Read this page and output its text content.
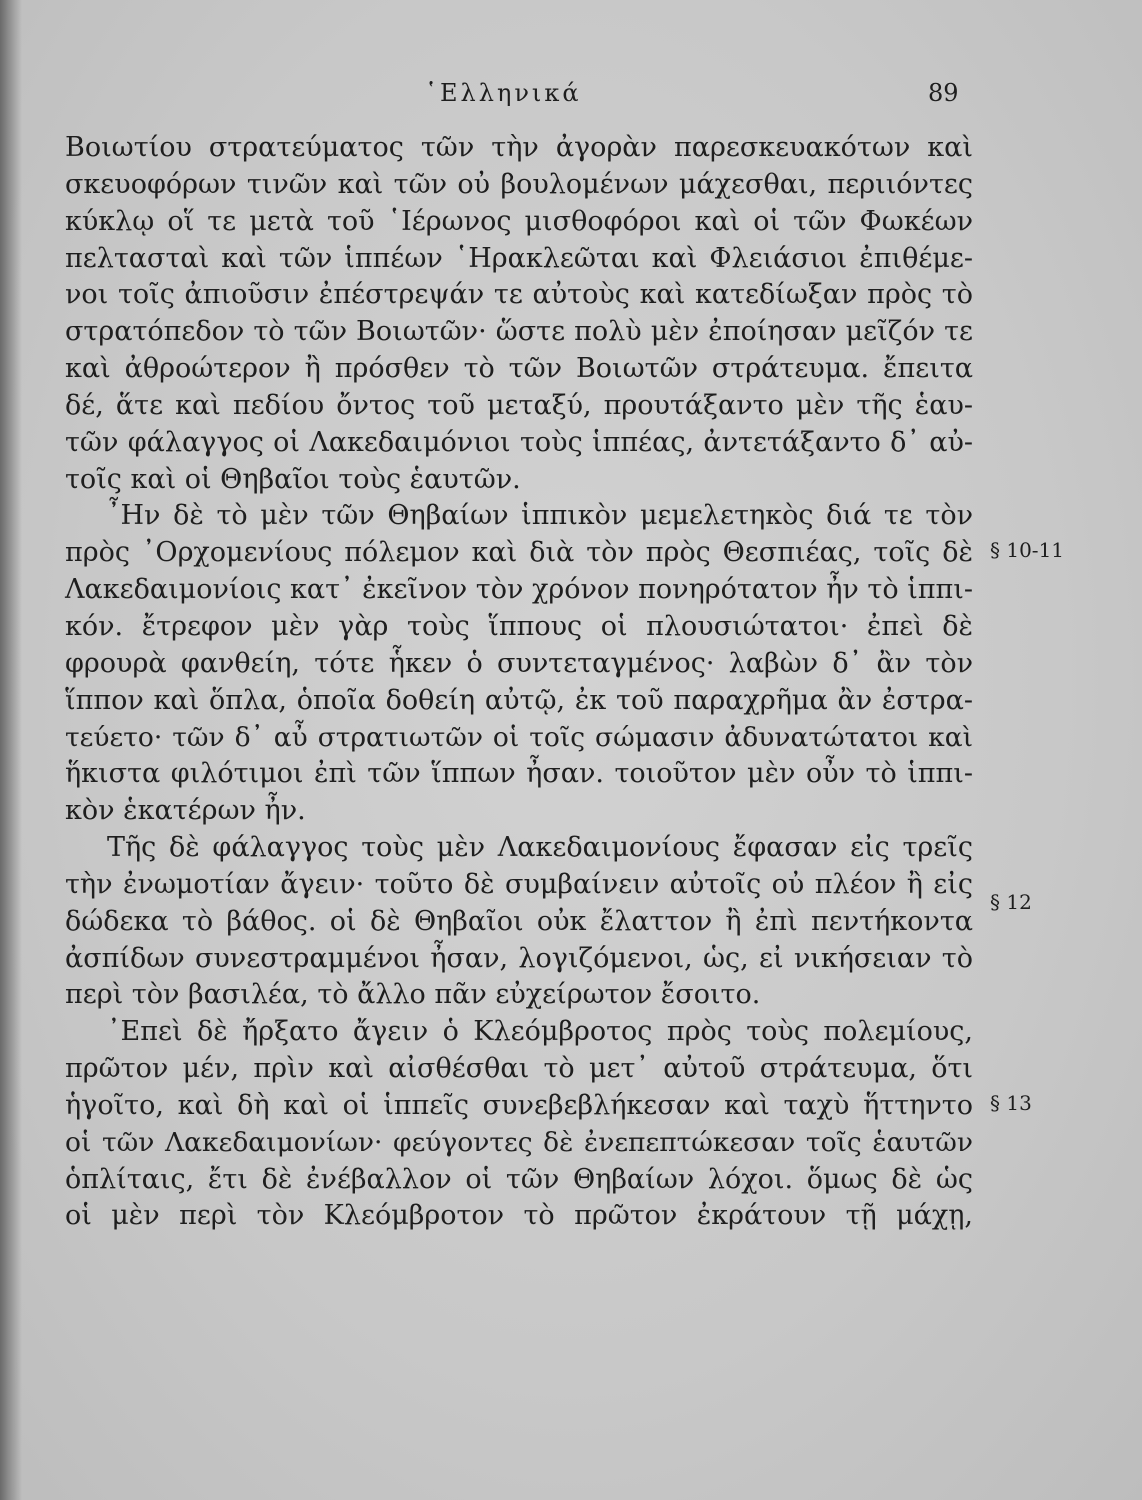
῾Ελληνικά	89
Βοιωτίου στρατεύματος τῶν τὴν ἀγορὰν παρεσκευακότων καὶ
σκευοφόρων τινῶν καὶ τῶν οὐ βουλομένων μάχεσθαι, περιιόντες
κύκλῳ οἵ τε μετὰ τοῦ ῾Ιέρωνος μισθοφόροι καὶ οἱ τῶν Φωκέων
πελτασταὶ καὶ τῶν ἱππέων ῾Ηρακλεῶται καὶ Φλειάσιοι ἐπιθέμε-
νοι τοῖς ἀπιοῦσιν ἐπέστρεψάν τε αὐτοὺς καὶ κατεδίωξαν πρὸς τὸ
στρατόπεδον τὸ τῶν Βοιωτῶν· ὥστε πολὺ μὲν ἐποίησαν μεῖζόν τε
καὶ ἀθροώτερον ἢ πρόσθεν τὸ τῶν Βοιωτῶν στράτευμα. ἔπειτα
δέ, ἅτε καὶ πεδίου ὄντος τοῦ μεταξύ, προυτάξαντο μὲν τῆς ἑαυ-
τῶν φάλαγγος οἱ Λακεδαιμόνιοι τοὺς ἱππέας, ἀντετάξαντο δ᾽ αὐ-
τοῖς καὶ οἱ Θηβαῖοι τοὺς ἑαυτῶν.
῏Ην δὲ τὸ μὲν τῶν Θηβαίων ἱππικὸν μεμελετηκὸς διά τε τὸν
πρὸς ᾽Ορχομενίους πόλεμον καὶ διὰ τὸν πρὸς Θεσπιέας, τοῖς δὲ
Λακεδαιμονίοις κατ᾽ ἐκεῖνον τὸν χρόνον πονηρότατον ἦν τὸ ἱππι-
κόν. ἔτρεφον μὲν γὰρ τοὺς ἵππους οἱ πλουσιώτατοι· ἐπεὶ δὲ
φρουρὰ φανθείη, τότε ἧκεν ὁ συντεταγμένος· λαβὼν δ᾽ ἂν τὸν
ἵππον καὶ ὅπλα, ὁποῖα δοθείη αὐτῷ, ἐκ τοῦ παραχρῆμα ἂν ἐστρα-
τεύετο· τῶν δ᾽ αὖ στρατιωτῶν οἱ τοῖς σώμασιν ἀδυνατώτατοι καὶ
ἥκιστα φιλότιμοι ἐπὶ τῶν ἵππων ἦσαν. τοιοῦτον μὲν οὖν τὸ ἱππι-
κὸν ἑκατέρων ἦν.
Τῆς δὲ φάλαγγος τοὺς μὲν Λακεδαιμονίους ἔφασαν εἰς τρεῖς
τὴν ἐνωμοτίαν ἄγειν· τοῦτο δὲ συμβαίνειν αὐτοῖς οὐ πλέον ἢ εἰς
δώδεκα τὸ βάθος. οἱ δὲ Θηβαῖοι οὐκ ἔλαττον ἢ ἐπὶ πεντήκοντα
ἀσπίδων συνεστραμμένοι ἦσαν, λογιζόμενοι, ὡς, εἰ νικήσειαν τὸ
περὶ τὸν βασιλέα, τὸ ἄλλο πᾶν εὐχείρωτον ἔσοιτο.
᾽Επεὶ δὲ ἤρξατο ἄγειν ὁ Κλεόμβροτος πρὸς τοὺς πολεμίους,
πρῶτον μέν, πρὶν καὶ αἰσθέσθαι τὸ μετ᾽ αὐτοῦ στράτευμα, ὅτι
ἡγοῖτο, καὶ δὴ καὶ οἱ ἱππεῖς συνεβεβλήκεσαν καὶ ταχὺ ἥττηντο
οἱ τῶν Λακεδαιμονίων· φεύγοντες δὲ ἐνεπεπτώκεσαν τοῖς ἑαυτῶν
ὁπλίταις, ἔτι δὲ ἐνέβαλλον οἱ τῶν Θηβαίων λόχοι. ὅμως δὲ ὡς
οἱ μὲν περὶ τὸν Κλεόμβροτον τὸ πρῶτον ἐκράτουν τῇ μάχῃ,
§ 10-11
§ 12
§ 13
